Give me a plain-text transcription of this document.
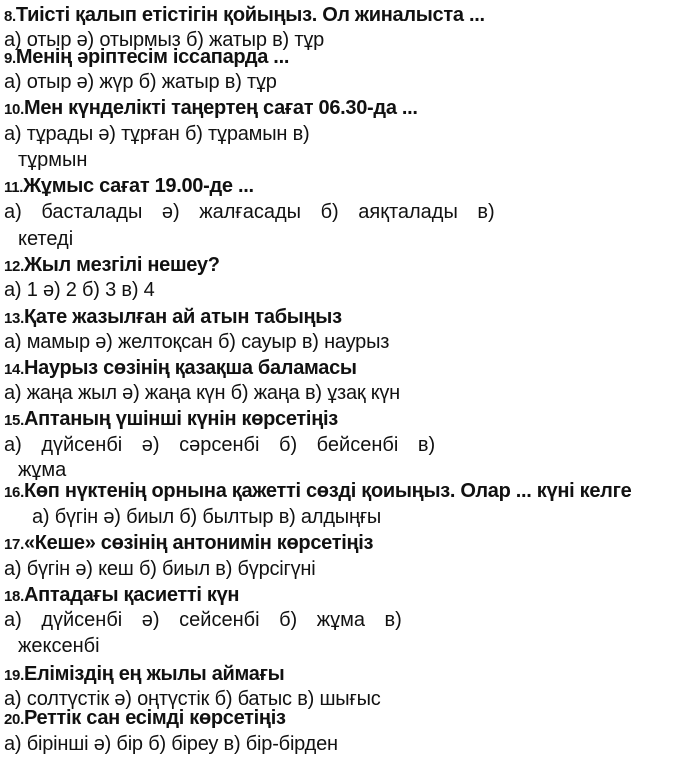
8.Тиісті қалып етістігін қойыңыз. Ол жиналыста ...
а) отыр ә) отырмыз б) жатыр в) тұр
9.Менің әріптесім іссапарда ...
а) отыр ә) жүр б) жатыр в) тұр
10.Мен күнделікті таңертең сағат 06.30-да ...
а) тұрады ә) тұрған б) тұрамын в)
тұрмын
11.Жұмыс сағат 19.00-де ...
а) басталады ә) жалғасады б) аяқталады в)
кетеді
12.Жыл мезгілі нешеу?
а) 1 ә) 2 б) 3 в) 4
13.Қате жазылған ай атын табыңыз
а) мамыр ә) желтоқсан б) сауыр в) наурыз
14.Наурыз сөзінің қазақша баламасы
а) жаңа жыл ә) жаңа күн б) жаңа в) ұзақ күн
15.Аптаның үшінші күнін көрсетіңіз
а) дүйсенбі ә) сәрсенбі б) бейсенбі в)
жұма
16.Көп нүктенің орнына қажетті сөзді қоиыңыз. Олар ... күні келге
а) бүгін ә) биыл б) былтыр в) алдыңғы
17.«Кеше» сөзінің антонимін көрсетіңіз
а) бүгін ә) кеш б) биыл в) бүрсігүні
18.Аптадағы қасиетті күн
а) дүйсенбі ә) сейсенбі б) жұма в)
жексенбі
19.Еліміздің ең жылы аймағы
а) солтүстік ә) оңтүстік б) батыс в) шығыс
20.Реттік сан есімді көрсетіңіз
а) бірінші ә) бір б) біреу в) бір-бірден
